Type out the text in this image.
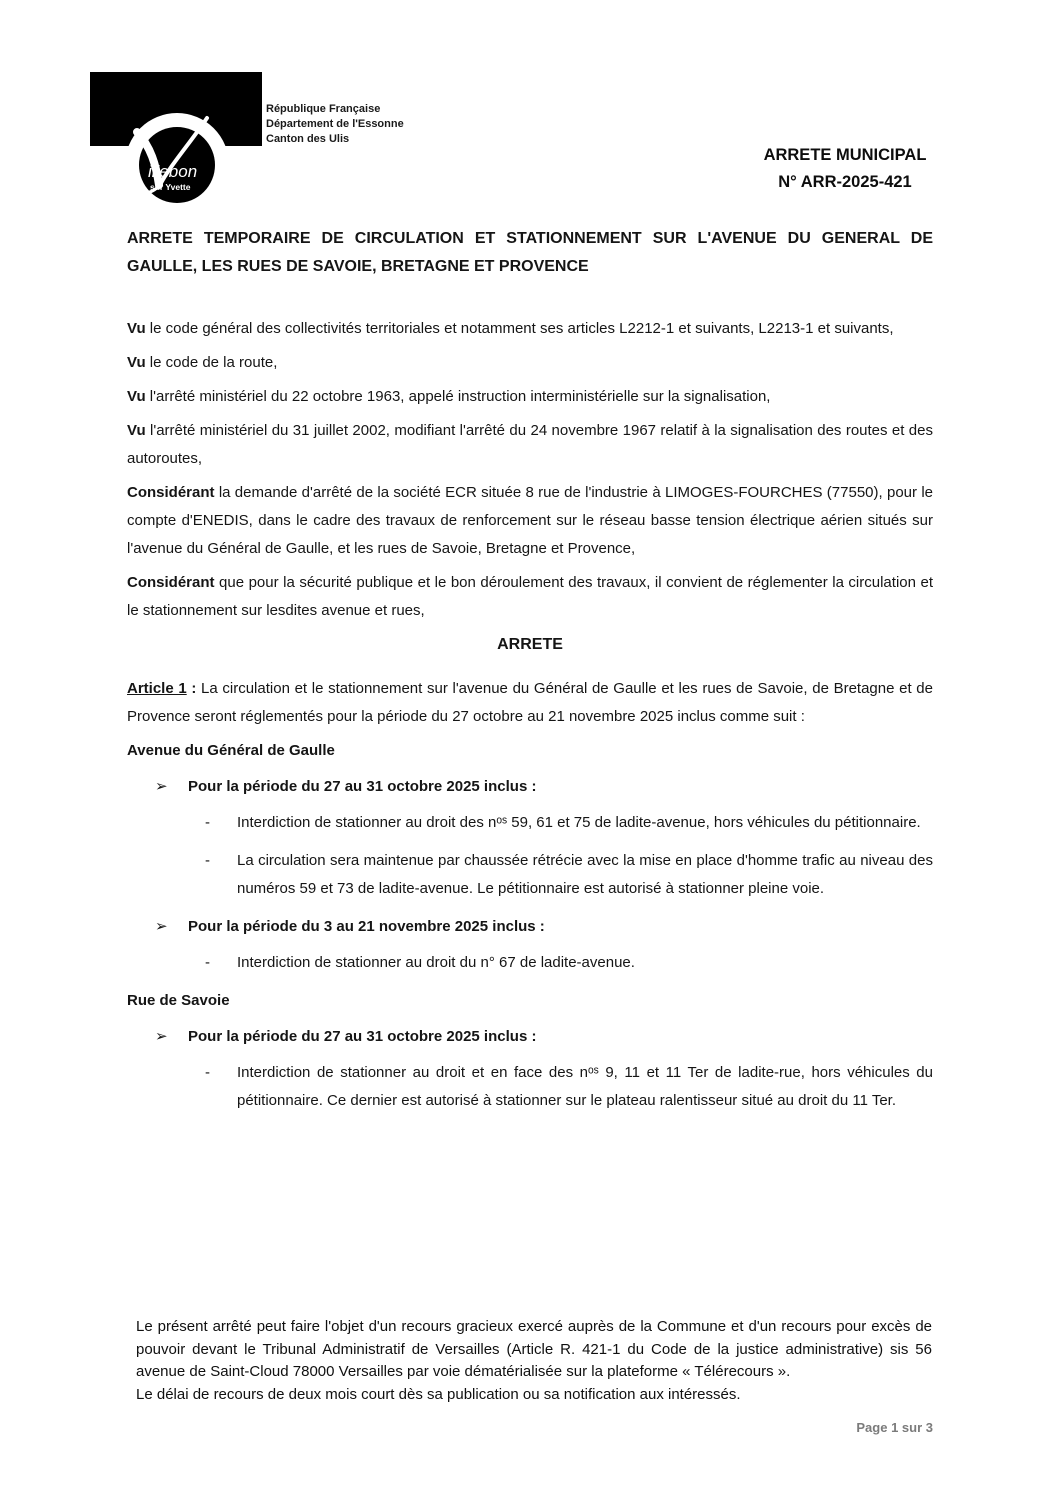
illebon
sur Yvette
République Française
Département de l'Essonne
Canton des Ulis
ARRETE MUNICIPAL
N° ARR-2025-421
ARRETE TEMPORAIRE DE CIRCULATION ET STATIONNEMENT SUR L'AVENUE DU GENERAL DE GAULLE, LES RUES DE SAVOIE, BRETAGNE ET PROVENCE

Vu le code général des collectivités territoriales et notamment ses articles L2212-1 et suivants, L2213-1 et suivants,

Vu le code de la route,

Vu l'arrêté ministériel du 22 octobre 1963, appelé instruction interministérielle sur la signalisation,

Vu l'arrêté ministériel du 31 juillet 2002, modifiant l'arrêté du 24 novembre 1967 relatif à la signalisation des routes et des autoroutes,

Considérant la demande d'arrêté de la société ECR située 8 rue de l'industrie à LIMOGES-FOURCHES (77550), pour le compte d'ENEDIS, dans le cadre des travaux de renforcement sur le réseau basse tension électrique aérien situés sur l'avenue du Général de Gaulle, et les rues de Savoie, Bretagne et Provence,

Considérant que pour la sécurité publique et le bon déroulement des travaux, il convient de réglementer la circulation et le stationnement sur lesdites avenue et rues,

ARRETE

Article 1 : La circulation et le stationnement sur l'avenue du Général de Gaulle et les rues de Savoie, de Bretagne et de Provence seront réglementés pour la période du 27 octobre au 21 novembre 2025 inclus comme suit :

Avenue du Général de Gaulle
➢ Pour la période du 27 au 31 octobre 2025 inclus :
- Interdiction de stationner au droit des nᵒˢ 59, 61 et 75 de ladite-avenue, hors véhicules du pétitionnaire.
- La circulation sera maintenue par chaussée rétrécie avec la mise en place d'homme trafic au niveau des numéros 59 et 73 de ladite-avenue. Le pétitionnaire est autorisé à stationner pleine voie.
➢ Pour la période du 3 au 21 novembre 2025 inclus :
- Interdiction de stationner au droit du n° 67 de ladite-avenue.
Rue de Savoie
➢ Pour la période du 27 au 31 octobre 2025 inclus :
- Interdiction de stationner au droit et en face des nᵒˢ 9, 11 et 11 Ter de ladite-rue, hors véhicules du pétitionnaire. Ce dernier est autorisé à stationner sur le plateau ralentisseur situé au droit du 11 Ter.

Le présent arrêté peut faire l'objet d'un recours gracieux exercé auprès de la Commune et d'un recours pour excès de pouvoir devant le Tribunal Administratif de Versailles (Article R. 421-1 du Code de la justice administrative) sis 56 avenue de Saint-Cloud 78000 Versailles par voie dématérialisée sur la plateforme « Télérecours ».

Le délai de recours de deux mois court dès sa publication ou sa notification aux intéressés.

Page 1 sur 3
